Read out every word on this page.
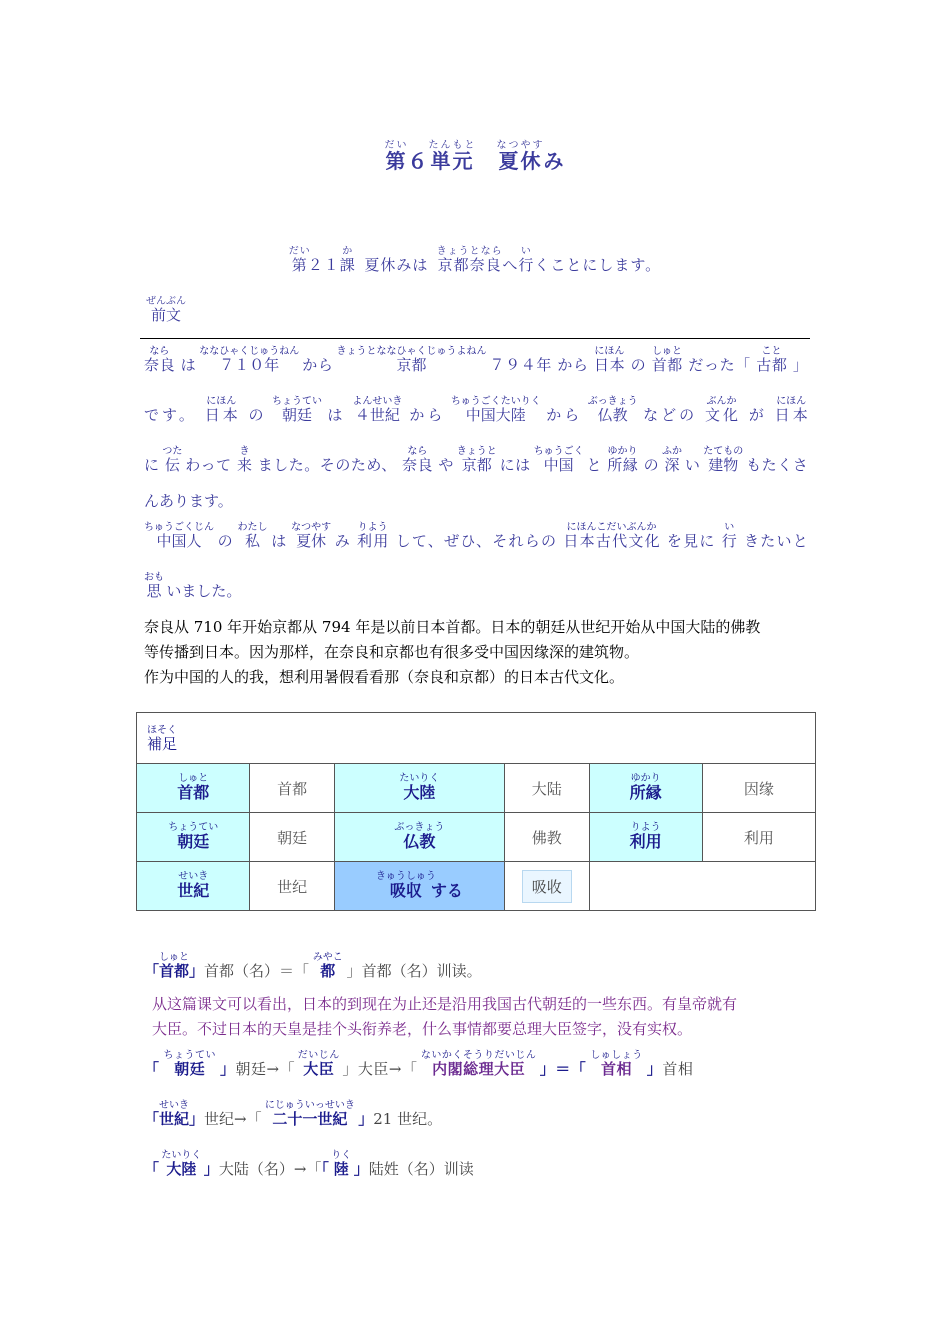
第だい６単元たんもと 夏休なつやすみ
第だい２１課か 夏休みは  京都奈良きょうとならへ行いくことにします。
前文ぜんぶん
奈良なら は ７１０年ななひゃくじゅうねん から 京都きょうとななひゃくじゅうよねん ７９４年 から 日本にほん の 首都しゅと だった「 古都こと 」
です。 日本にほん の 朝廷ちょうてい は ４世紀よんせいき から 中国大陸ちゅうごくたいりく から 仏教ぶっきょう などの 文化ぶんか が 日本にほん
に 伝つた わって 来き ました。そのため、 奈良なら や 京都きょうと には 中国ちゅうごく と 所縁ゆかり の 深ふか い 建物たてもの もたくさ
んあります。
中国人ちゅうごくじん の 私わたし は 夏休なつやす み 利用りよう して、ぜひ、それらの 日本古代文化にほんこだいぶんか を見に 行い きたいと
思おも いました。
奈良从 710 年开始京都从 794 年是以前日本首都。日本的朝廷从世纪开始从中国大陆的佛教
等传播到日本。因为那样，在奈良和京都也有很多受中国因缘深的建筑物。
作为中国的人的我，想利用暑假看看那（奈良和京都）的日本古代文化。
補足ほそく
首都しゅと	首都	大陸たいりく	大陆	所縁ゆかり	因缘
朝廷ちょうてい	朝廷	仏教ぶっきょう	佛教	利用りよう	利用
世紀せいき	世纪	吸収きゅうしゅうする	吸收		
「首都しゅと」首都（名）＝「  都みやこ 」首都（名）训读。
从这篇课文可以看出，日本的到现在为止还是沿用我国古代朝廷的一些东西。有皇帝就有
大臣。不过日本的天皇是挂个头衔养老，什么事情都要总理大臣签字，没有实权。
「  朝廷ちょうてい 」朝廷→「 大臣だいじん 」大臣→「 内閣総理大臣ないかくそうりだいじん 」＝「  首相しゅしょう 」首相
「世紀せいき」世纪→「 二十一世紀にじゅういっせいき 」21 世纪。
「 大陸たいりく 」大陆（名）→「「 陸りく 」陆姓（名）训读
